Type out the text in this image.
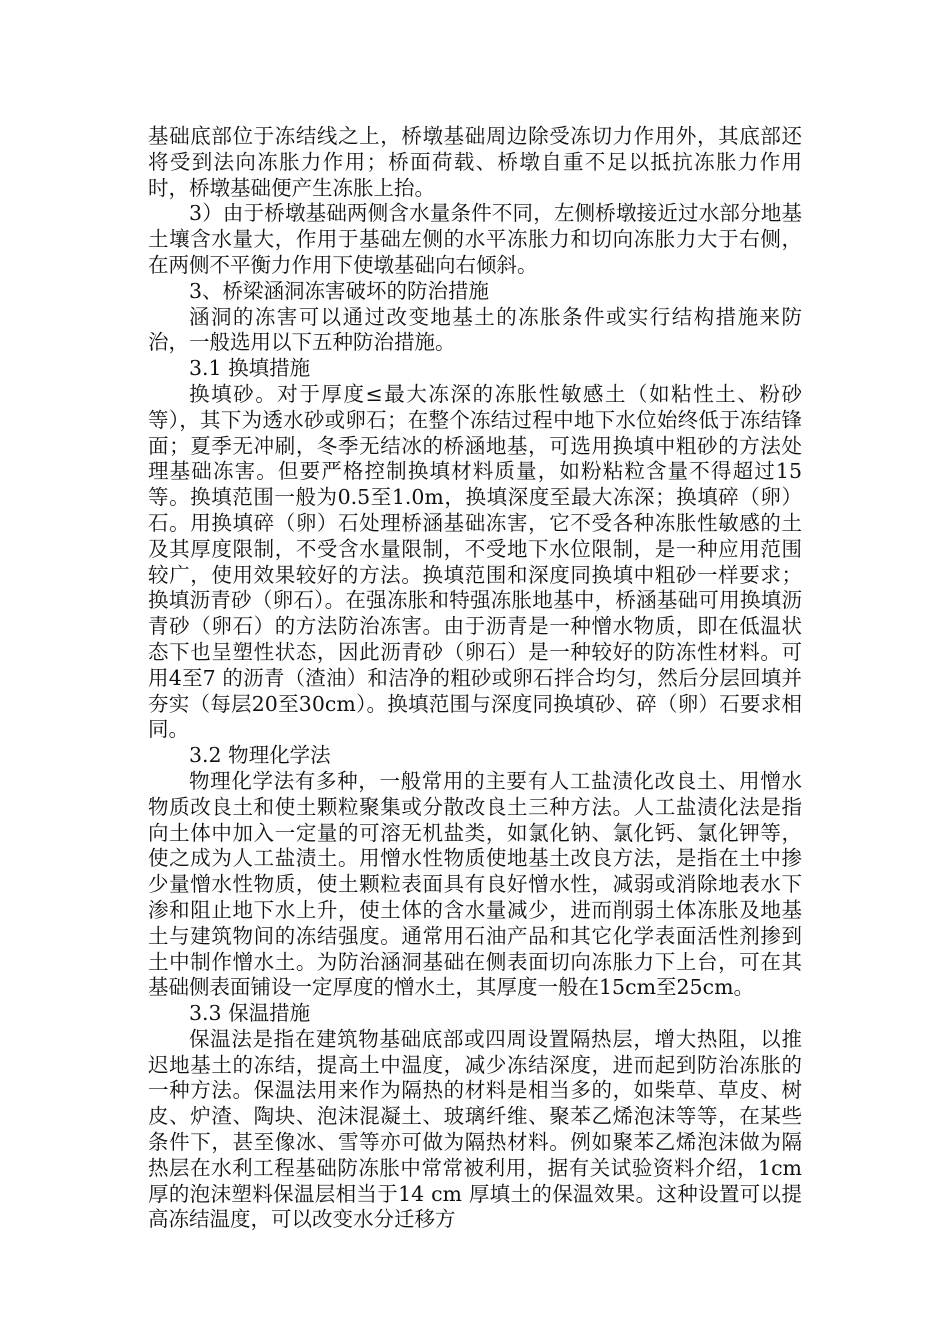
基础底部位于冻结线之上，桥墩基础周边除受冻切力作用外，其底部还将受到法向冻胀力作用；桥面荷载、桥墩自重不足以抵抗冻胀力作用时，桥墩基础便产生冻胀上抬。

3）由于桥墩基础两侧含水量条件不同，左侧桥墩接近过水部分地基土壤含水量大，作用于基础左侧的水平冻胀力和切向冻胀力大于右侧，在两侧不平衡力作用下使墩基础向右倾斜。

3、桥梁涵洞冻害破坏的防治措施

涵洞的冻害可以通过改变地基土的冻胀条件或实行结构措施来防治，一般选用以下五种防治措施。

3.1 换填措施

换填砂。对于厚度≤最大冻深的冻胀性敏感土（如粘性土、粉砂等），其下为透水砂或卵石；在整个冻结过程中地下水位始终低于冻结锋面；夏季无冲刷，冬季无结冰的桥涵地基，可选用换填中粗砂的方法处理基础冻害。但要严格控制换填材料质量，如粉粘粒含量不得超过15 等。换填范围一般为0.5至1.0m，换填深度至最大冻深；换填碎（卵）石。用换填碎（卵）石处理桥涵基础冻害，它不受各种冻胀性敏感的土及其厚度限制，不受含水量限制，不受地下水位限制，是一种应用范围较广，使用效果较好的方法。换填范围和深度同换填中粗砂一样要求；换填沥青砂（卵石）。在强冻胀和特强冻胀地基中，桥涵基础可用换填沥青砂（卵石）的方法防治冻害。由于沥青是一种憎水物质，即在低温状态下也呈塑性状态，因此沥青砂（卵石）是一种较好的防冻性材料。可用4至7 的沥青（渣油）和洁净的粗砂或卵石拌合均匀，然后分层回填并夯实（每层20至30cm）。换填范围与深度同换填砂、碎（卵）石要求相同。

3.2 物理化学法

物理化学法有多种，一般常用的主要有人工盐渍化改良土、用憎水物质改良土和使土颗粒聚集或分散改良土三种方法。人工盐渍化法是指向土体中加入一定量的可溶无机盐类，如氯化钠、氯化钙、氯化钾等，使之成为人工盐渍土。用憎水性物质使地基土改良方法，是指在土中掺少量憎水性物质，使土颗粒表面具有良好憎水性，减弱或消除地表水下渗和阻止地下水上升，使土体的含水量减少，进而削弱土体冻胀及地基土与建筑物间的冻结强度。通常用石油产品和其它化学表面活性剂掺到土中制作憎水土。为防治涵洞基础在侧表面切向冻胀力下上台，可在其基础侧表面铺设一定厚度的憎水土，其厚度一般在15cm至25cm。

3.3 保温措施

保温法是指在建筑物基础底部或四周设置隔热层，增大热阻，以推迟地基土的冻结，提高土中温度，减少冻结深度，进而起到防治冻胀的一种方法。保温法用来作为隔热的材料是相当多的，如柴草、草皮、树皮、炉渣、陶块、泡沫混凝土、玻璃纤维、聚苯乙烯泡沫等等，在某些条件下，甚至像冰、雪等亦可做为隔热材料。例如聚苯乙烯泡沫做为隔热层在水利工程基础防冻胀中常常被利用，据有关试验资料介绍，1cm厚的泡沫塑料保温层相当于14 cm 厚填土的保温效果。这种设置可以提高冻结温度，可以改变水分迁移方
